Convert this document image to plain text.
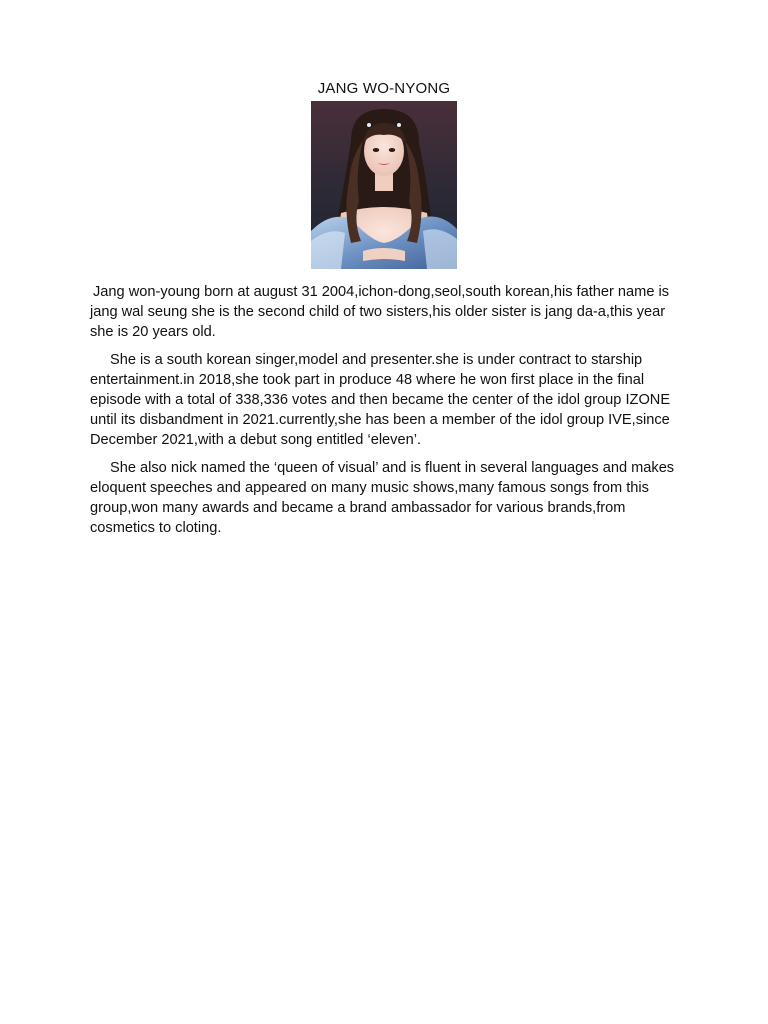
JANG WO-NYONG

Jang won-young born at august 31 2004,ichon-dong,seol,south korean,his father name is jang wal seung she is the second child of two sisters,his older sister is jang da-a,this year she is 20 years old.

She is a south korean singer,model and presenter.she is under contract to starship entertainment.in 2018,she took part in produce 48 where he won first place in the final episode with a total of 338,336 votes and then became the center of the idol group IZONE until its disbandment in 2021.currently,she has been a member of the idol group IVE,since December 2021,with a debut song entitled ‘eleven’.

She also nick named the ‘queen of visual’ and is fluent in several languages and makes eloquent speeches and appeared on many music shows,many famous songs from this group,won many awards and became a brand ambassador for various brands,from cosmetics to cloting.
